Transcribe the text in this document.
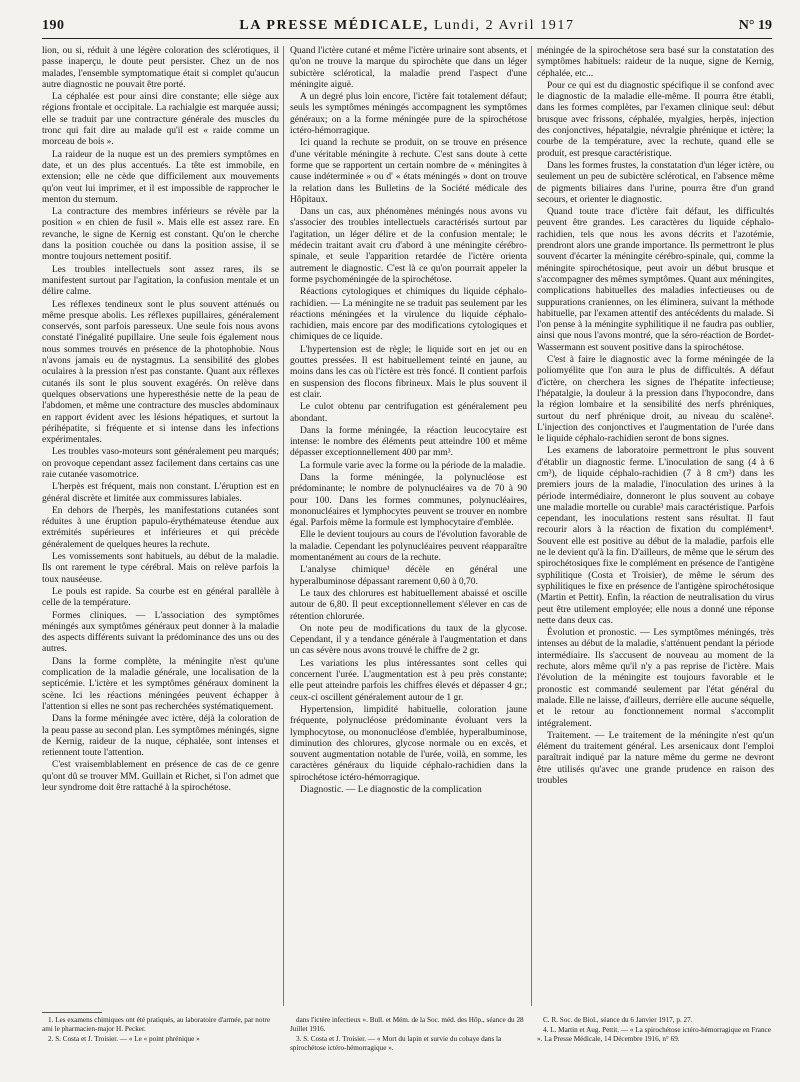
190	LA PRESSE MÉDICALE, Lundi, 2 Avril 1917	N° 19

lion, ou si, réduit à une légère coloration des sclérotiques, il passe inaperçu, le doute peut persister. Chez un de nos malades, l'ensemble symptomatique était si complet qu'aucun autre diagnostic ne pouvait être porté.

La céphalée est pour ainsi dire constante; elle siège aux régions frontale et occipitale. La rachialgie est marquée aussi; elle se traduit par une contracture générale des muscles du tronc qui fait dire au malade qu'il est « raide comme un morceau de bois ».

La raideur de la nuque est un des premiers symptômes en date, et un des plus accentués. La tête est immobile, en extension; elle ne cède que difficilement aux mouvements qu'on veut lui imprimer, et il est impossible de rapprocher le menton du sternum.

La contracture des membres inférieurs se révèle par la position « en chien de fusil ». Mais elle est assez rare. En revanche, le signe de Kernig est constant. Qu'on le cherche dans la position couchée ou dans la position assise, il se montre toujours nettement positif.

Les troubles intellectuels sont assez rares, ils se manifestent surtout par l'agitation, la confusion mentale et un délire calme.

Les réflexes tendineux sont le plus souvent atténués ou même presque abolis. Les réflexes pupillaires, généralement conservés, sont parfois paresseux. Une seule fois nous avons constaté l'inégalité pupillaire. Une seule fois également nous nous sommes trouvés en présence de la photophobie. Nous n'avons jamais eu de nystagmus. La sensibilité des globes oculaires à la pression n'est pas constante. Quant aux réflexes cutanés ils sont le plus souvent exagérés. On relève dans quelques observations une hyperesthésie nette de la peau de l'abdomen, et même une contracture des muscles abdominaux en rapport évident avec les lésions hépatiques, et surtout la périhépatite, si fréquente et si intense dans les infections expérimentales.

Les troubles vaso-moteurs sont généralement peu marqués; on provoque cependant assez facilement dans certains cas une raie cutanée vasomotrice.

L'herpès est fréquent, mais non constant. L'éruption est en général discrète et limitée aux commissures labiales.

En dehors de l'herpès, les manifestations cutanées sont réduites à une éruption papulo-érythémateuse étendue aux extrémités supérieures et inférieures et qui précède généralement de quelques heures la rechute.

Les vomissements sont habituels, au début de la maladie. Ils ont rarement le type cérébral. Mais on relève parfois la toux nauséeuse.

Le pouls est rapide. Sa courbe est en général parallèle à celle de la température.

Formes cliniques. — L'association des symptômes méningés aux symptômes généraux peut donner à la maladie des aspects différents suivant la prédominance des uns ou des autres.

Dans la forme complète, la méningite n'est qu'une complication de la maladie générale, une localisation de la septicémie. L'ictère et les symptômes généraux dominent la scène. Ici les réactions méningées peuvent échapper à l'attention si elles ne sont pas recherchées systématiquement.

Dans la forme méningée avec ictère, déjà la coloration de la peau passe au second plan. Les symptômes méningés, signe de Kernig, raideur de la nuque, céphalée, sont intenses et retiennent toute l'attention.

C'est vraisemblablement en présence de cas de ce genre qu'ont dû se trouver MM. Guillain et Richet, si l'on admet que leur syndrome doit être rattaché à la spirochétose.

Quand l'ictère cutané et même l'ictère urinaire sont absents, et qu'on ne trouve la marque du spirochète que dans un léger subictère sclérotical, la maladie prend l'aspect d'une méningite aiguë.

A un degré plus loin encore, l'ictère fait totalement défaut; seuls les symptômes méningés accompagnent les symptômes généraux; on a la forme méningée pure de la spirochétose ictéro-hémorragique.

Ici quand la rechute se produit, on se trouve en présence d'une véritable méningite à rechute. C'est sans doute à cette forme que se rapportent un certain nombre de « méningites à cause indéterminée » ou d' « états méningés » dont on trouve la relation dans les Bulletins de la Société médicale des Hôpitaux.

Dans un cas, aux phénomènes méningés nous avons vu s'associer des troubles intellectuels caractérisés surtout par l'agitation, un léger délire et de la confusion mentale; le médecin traitant avait cru d'abord à une méningite cérébro-spinale, et seule l'apparition retardée de l'ictère orienta autrement le diagnostic. C'est là ce qu'on pourrait appeler la forme psychoméningée de la spirochétose.

Réactions cytologiques et chimiques du liquide céphalo-rachidien. — La méningite ne se traduit pas seulement par les réactions méningées et la virulence du liquide céphalo-rachidien, mais encore par des modifications cytologiques et chimiques de ce liquide.

L'hypertension est de règle; le liquide sort en jet ou en gouttes pressées. Il est habituellement teinté en jaune, au moins dans les cas où l'ictère est très foncé. Il contient parfois en suspension des flocons fibrineux. Mais le plus souvent il est clair.

Le culot obtenu par centrifugation est généralement peu abondant.

Dans la forme méningée, la réaction leucocytaire est intense: le nombre des éléments peut atteindre 100 et même dépasser exceptionnellement 400 par mm³.

La formule varie avec la forme ou la période de la maladie.

Dans la forme méningée, la polynucléose est prédominante; le nombre de polynucléaires va de 70 à 90 pour 100. Dans les formes communes, polynucléaires, mononucléaires et lymphocytes peuvent se trouver en nombre égal. Parfois même la formule est lymphocytaire d'emblée.

Elle le devient toujours au cours de l'évolution favorable de la maladie. Cependant les polynucléaires peuvent réapparaître momentanément au cours de la rechute.

L'analyse chimique¹ décèle en général une hyperalbuminose dépassant rarement 0,60 à 0,70.

Le taux des chlorures est habituellement abaissé et oscille autour de 6,80. Il peut exceptionnellement s'élever en cas de rétention chlorurée.

On note peu de modifications du taux de la glycose. Cependant, il y a tendance générale à l'augmentation et dans un cas sévère nous avons trouvé le chiffre de 2 gr.

Les variations les plus intéressantes sont celles qui concernent l'urée. L'augmentation est à peu près constante; elle peut atteindre parfois les chiffres élevés et dépasser 4 gr.; ceux-ci oscillent généralement autour de 1 gr.

Hypertension, limpidité habituelle, coloration jaune fréquente, polynucléose prédominante évoluant vers la lymphocytose, ou mononucléose d'emblée, hyperalbuminose, diminution des chlorures, glycose normale ou en excès, et souvent augmentation notable de l'urée, voilà, en somme, les caractères généraux du liquide céphalo-rachidien dans la spirochétose ictéro-hémorragique.

Diagnostic. — Le diagnostic de la complication

méningée de la spirochétose sera basé sur la constatation des symptômes habituels: raideur de la nuque, signe de Kernig, céphalée, etc...

Pour ce qui est du diagnostic spécifique il se confond avec le diagnostic de la maladie elle-même. Il pourra être établi, dans les formes complètes, par l'examen clinique seul: début brusque avec frissons, céphalée, myalgies, herpès, injection des conjonctives, hépatalgie, névralgie phrénique et ictère; la courbe de la température, avec la rechute, quand elle se produit, est presque caractéristique.

Dans les formes frustes, la constatation d'un léger ictère, ou seulement un peu de subictère sclérotical, en l'absence même de pigments biliaires dans l'urine, pourra être d'un grand secours, et orienter le diagnostic.

Quand toute trace d'ictère fait défaut, les difficultés peuvent être grandes. Les caractères du liquide céphalo-rachidien, tels que nous les avons décrits et l'azotémie, prendront alors une grande importance. Ils permettront le plus souvent d'écarter la méningite cérébro-spinale, qui, comme la méningite spirochétosique, peut avoir un début brusque et s'accompagner des mêmes symptômes. Quant aux méningites, complications habituelles des maladies infectieuses ou de suppurations craniennes, on les éliminera, suivant la méthode habituelle, par l'examen attentif des antécédents du malade. Si l'on pense à la méningite syphilitique il ne faudra pas oublier, ainsi que nous l'avons montré, que la séro-réaction de Bordet-Wassermann est souvent positive dans la spirochétose.

C'est à faire le diagnostic avec la forme méningée de la poliomyélite que l'on aura le plus de difficultés. A défaut d'ictère, on cherchera les signes de l'hépatite infectieuse; l'hépatalgie, la douleur à la pression dans l'hypocondre, dans la région lombaire et la sensibilité des nerfs phréniques, surtout du nerf phrénique droit, au niveau du scalène². L'injection des conjonctives et l'augmentation de l'urée dans le liquide céphalo-rachidien seront de bons signes.

Les examens de laboratoire permettront le plus souvent d'établir un diagnostic ferme. L'inoculation de sang (4 à 6 cm³), de liquide céphalo-rachidien (7 à 8 cm³) dans les premiers jours de la maladie, l'inoculation des urines à la période intermédiaire, donneront le plus souvent au cobaye une maladie mortelle ou curable³ mais caractéristique. Parfois cependant, les inoculations restent sans résultat. Il faut recourir alors à la réaction de fixation du complément⁴. Souvent elle est positive au début de la maladie, parfois elle ne le devient qu'à la fin. D'ailleurs, de même que le sérum des spirochétosiques fixe le complément en présence de l'antigène syphilitique (Costa et Troisier), de même le sérum des syphilitiques le fixe en présence de l'antigène spirochétosique (Martin et Pettit). Enfin, la réaction de neutralisation du virus peut être utilement employée; elle nous a donné une réponse nette dans deux cas.

Évolution et pronostic. — Les symptômes méningés, très intenses au début de la maladie, s'atténuent pendant la période intermédiaire. Ils s'accusent de nouveau au moment de la rechute, alors même qu'il n'y a pas reprise de l'ictère. Mais l'évolution de la méningite est toujours favorable et le pronostic est commandé seulement par l'état général du malade. Elle ne laisse, d'ailleurs, derrière elle aucune séquelle, et le retour au fonctionnement normal s'accomplit intégralement.

Traitement. — Le traitement de la méningite n'est qu'un élément du traitement général. Les arsenicaux dont l'emploi paraîtrait indiqué par la nature même du germe ne devront être utilisés qu'avec une grande prudence en raison des troubles

1. Les examens chimiques ont été pratiqués, au laboratoire d'armée, par notre ami le pharmacien-major H. Pecker.

2. S. Costa et J. Troisier. — « Le « point phrénique »

dans l'ictère infectieux ». Bull. et Mém. de la Soc. méd. des Hôp., séance du 28 Juillet 1916.

3. S. Costa et J. Troisier. — « Mort du lapin et survie du cobaye dans la spirochétose ictéro-hémorragique ».

C. R. Soc. de Biol., séance du 6 Janvier 1917, p. 27.

4. L. Martin et Aug. Pettit. — « La spirochétose ictéro-hémorragique en France ». La Presse Médicale, 14 Décembre 1916, n° 69.
